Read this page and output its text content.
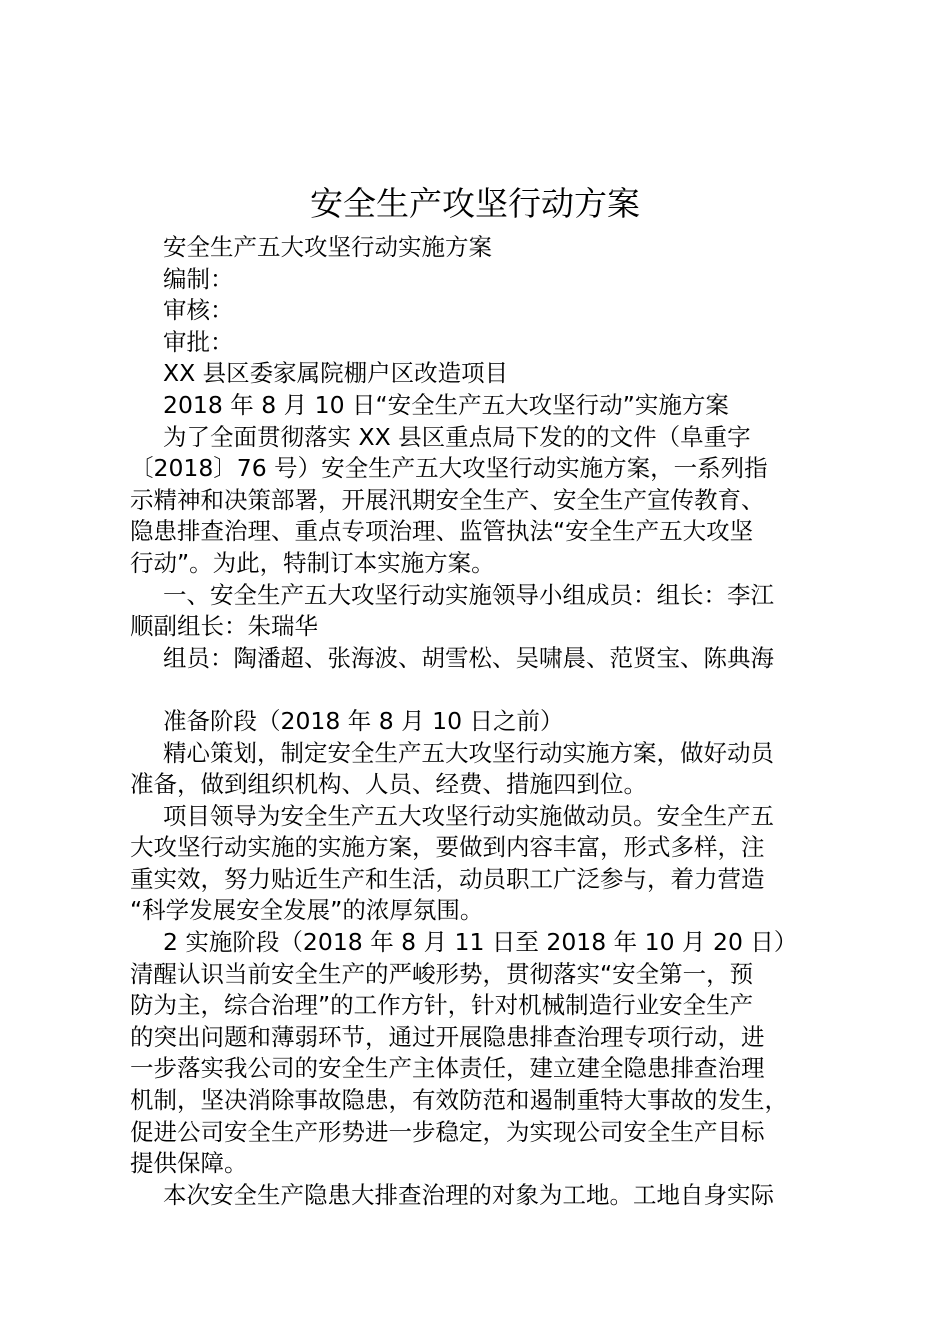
安全生产攻坚行动方案
安全生产五大攻坚行动实施方案
编制：
审核：
审批：
XX 县区委家属院棚户区改造项目
2018 年 8 月 10 日“安全生产五大攻坚行动”实施方案
为了全面贯彻落实 XX 县区重点局下发的的文件（阜重字
〔2018〕76 号）安全生产五大攻坚行动实施方案，一系列指
示精神和决策部署，开展汛期安全生产、安全生产宣传教育、
隐患排查治理、重点专项治理、监管执法“安全生产五大攻坚
行动”。为此，特制订本实施方案。
一、安全生产五大攻坚行动实施领导小组成员：组长：李江
顺副组长：朱瑞华
组员：陶潘超、张海波、胡雪松、吴啸晨、范贤宝、陈典海
准备阶段（2018 年 8 月 10 日之前）
精心策划，制定安全生产五大攻坚行动实施方案，做好动员
准备，做到组织机构、人员、经费、措施四到位。
项目领导为安全生产五大攻坚行动实施做动员。安全生产五
大攻坚行动实施的实施方案，要做到内容丰富，形式多样，注
重实效，努力贴近生产和生活，动员职工广泛参与，着力营造
“科学发展安全发展”的浓厚氛围。
2 实施阶段（2018 年 8 月 11 日至 2018 年 10 月 20 日）
清醒认识当前安全生产的严峻形势，贯彻落实“安全第一，预
防为主，综合治理”的工作方针，针对机械制造行业安全生产
的突出问题和薄弱环节，通过开展隐患排查治理专项行动，进
一步落实我公司的安全生产主体责任，建立建全隐患排查治理
机制，坚决消除事故隐患，有效防范和遏制重特大事故的发生，
促进公司安全生产形势进一步稳定，为实现公司安全生产目标
提供保障。
本次安全生产隐患大排查治理的对象为工地。工地自身实际
